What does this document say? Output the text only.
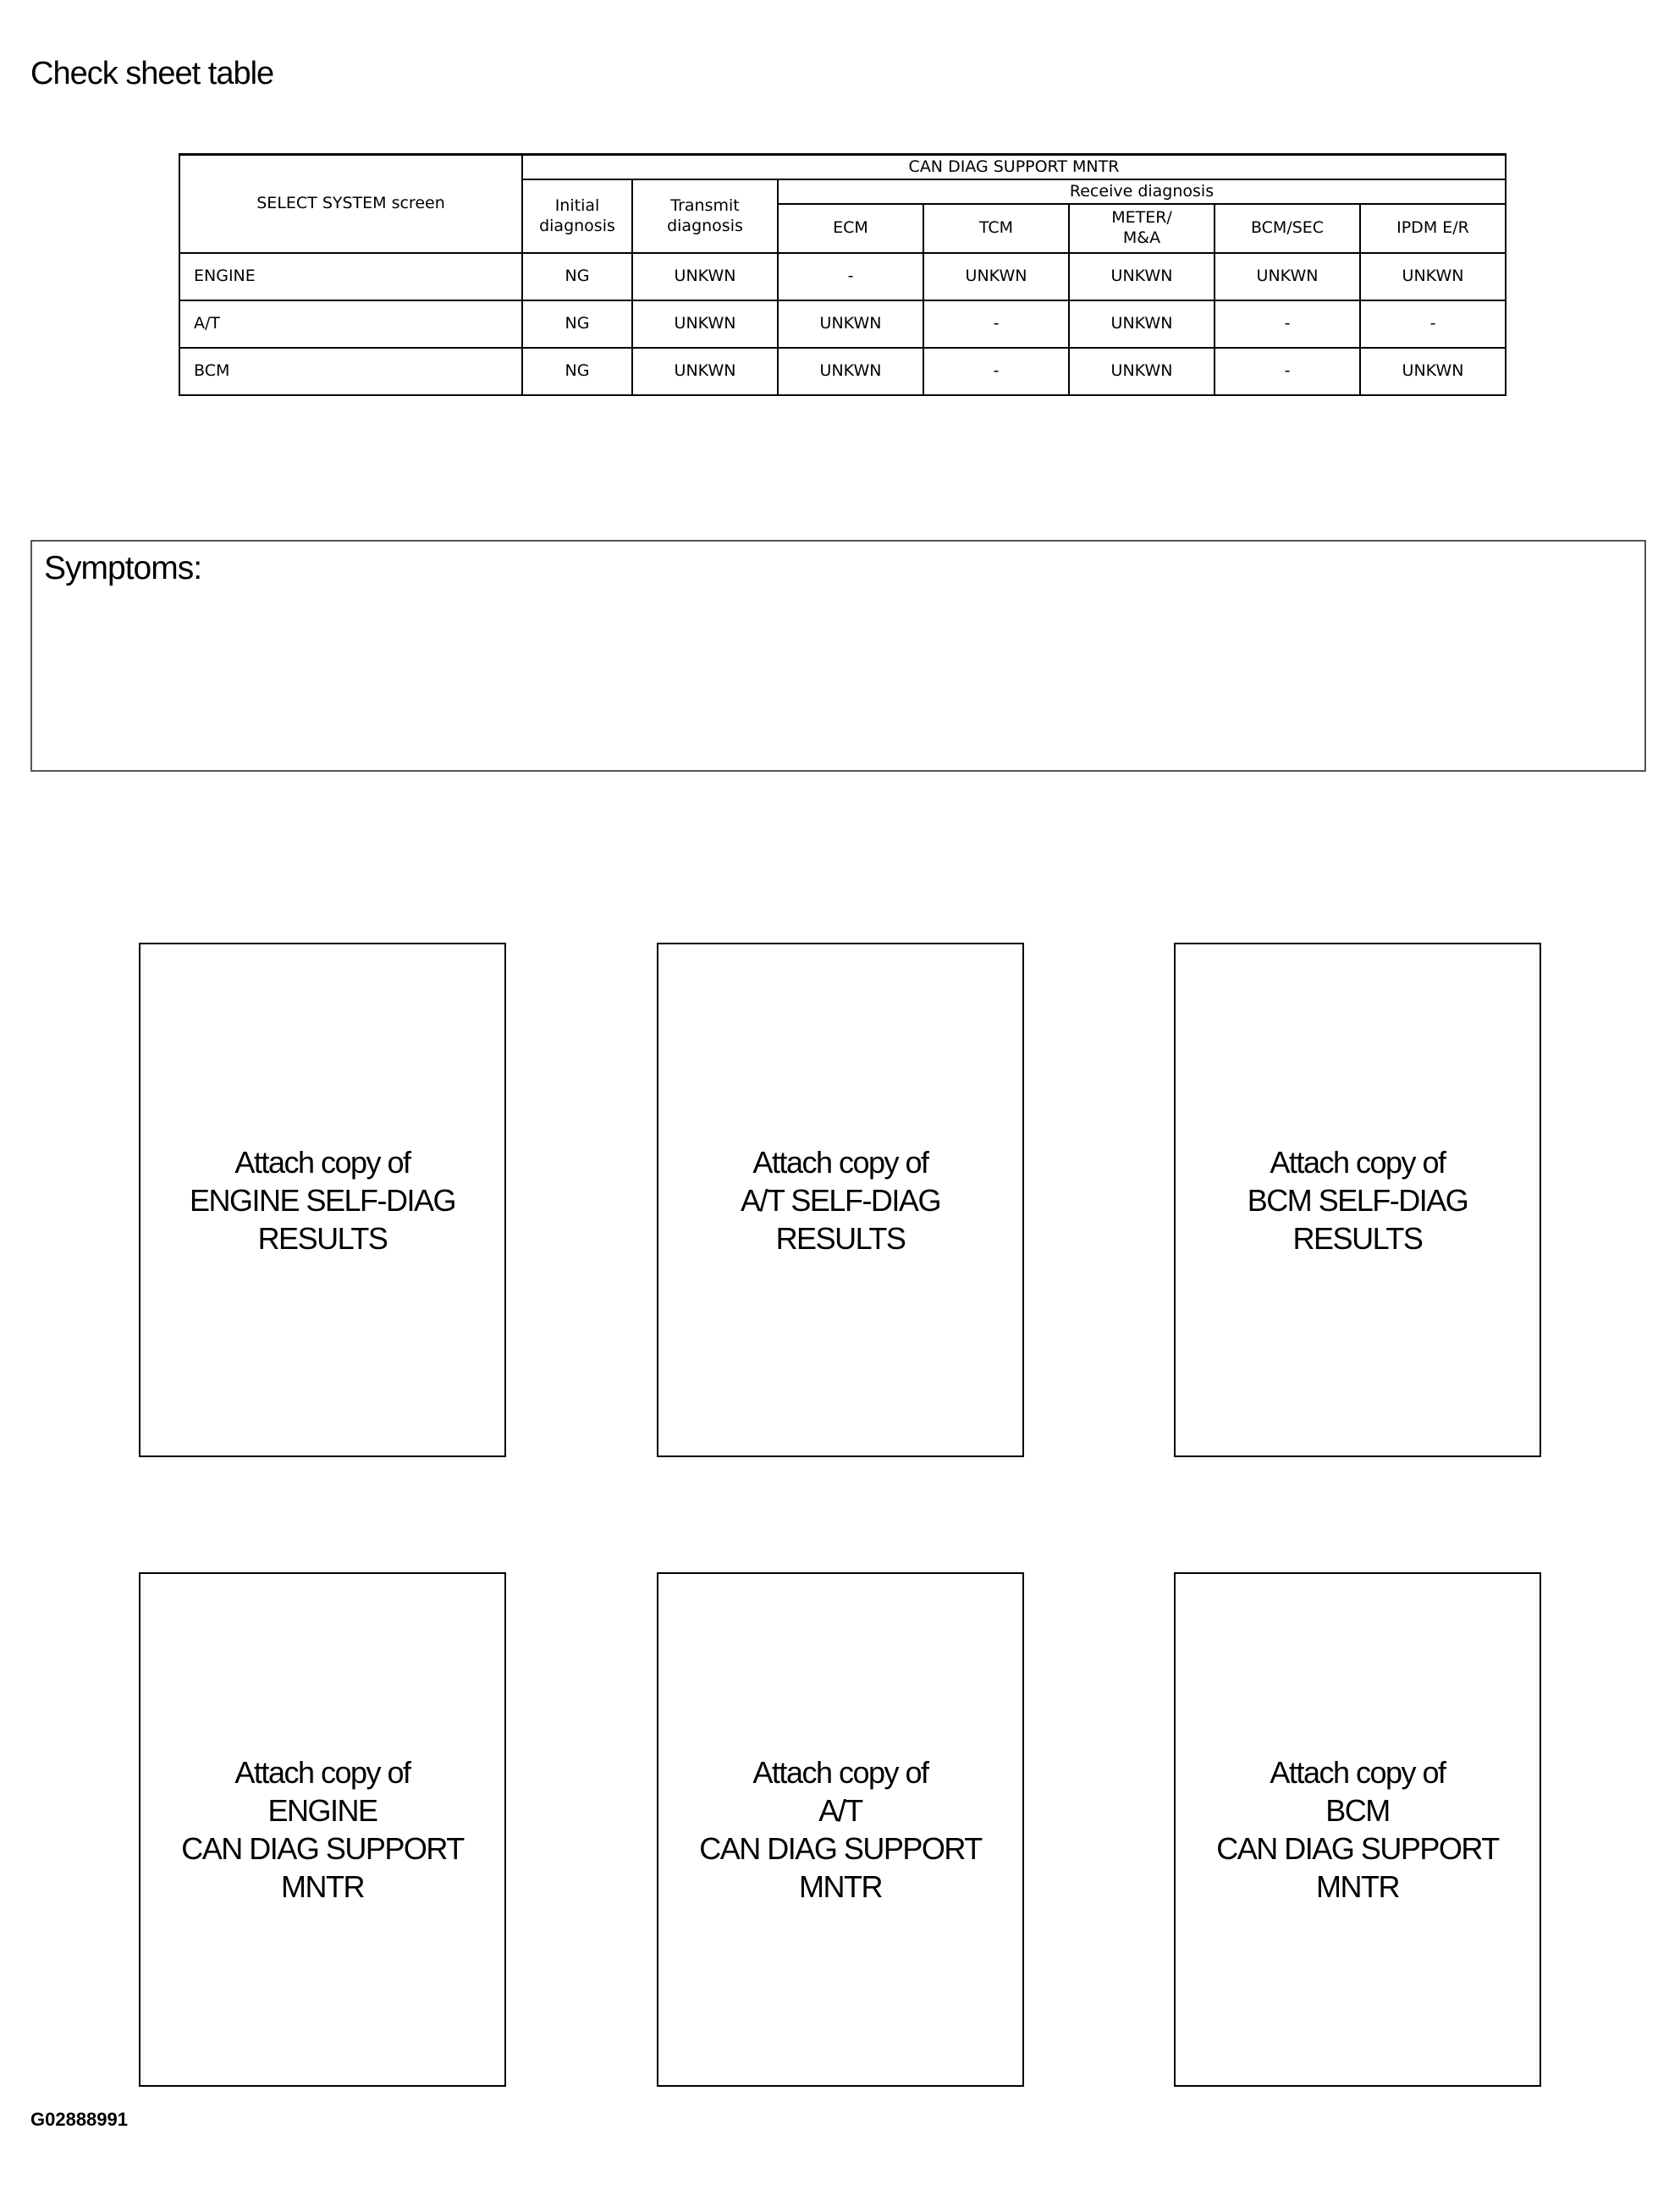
Check sheet table
SELECT SYSTEM screen	CAN DIAG SUPPORT MNTR						
	Initial diagnosis	Transmit diagnosis	Receive diagnosis				
			ECM	TCM	METER/
M&A	BCM/SEC	IPDM E/R
ENGINE	NG	UNKWN	-	UNKWN	UNKWN	UNKWN	UNKWN
A/T	NG	UNKWN	UNKWN	-	UNKWN	-	-
BCM	NG	UNKWN	UNKWN	-	UNKWN	-	UNKWN
Symptoms:
Attach copy of
ENGINE SELF-DIAG
RESULTS
Attach copy of
A/T SELF-DIAG
RESULTS
Attach copy of
BCM SELF-DIAG
RESULTS
Attach copy of
ENGINE
CAN DIAG SUPPORT
MNTR
Attach copy of
A/T
CAN DIAG SUPPORT
MNTR
Attach copy of
BCM
CAN DIAG SUPPORT
MNTR
G02888991
